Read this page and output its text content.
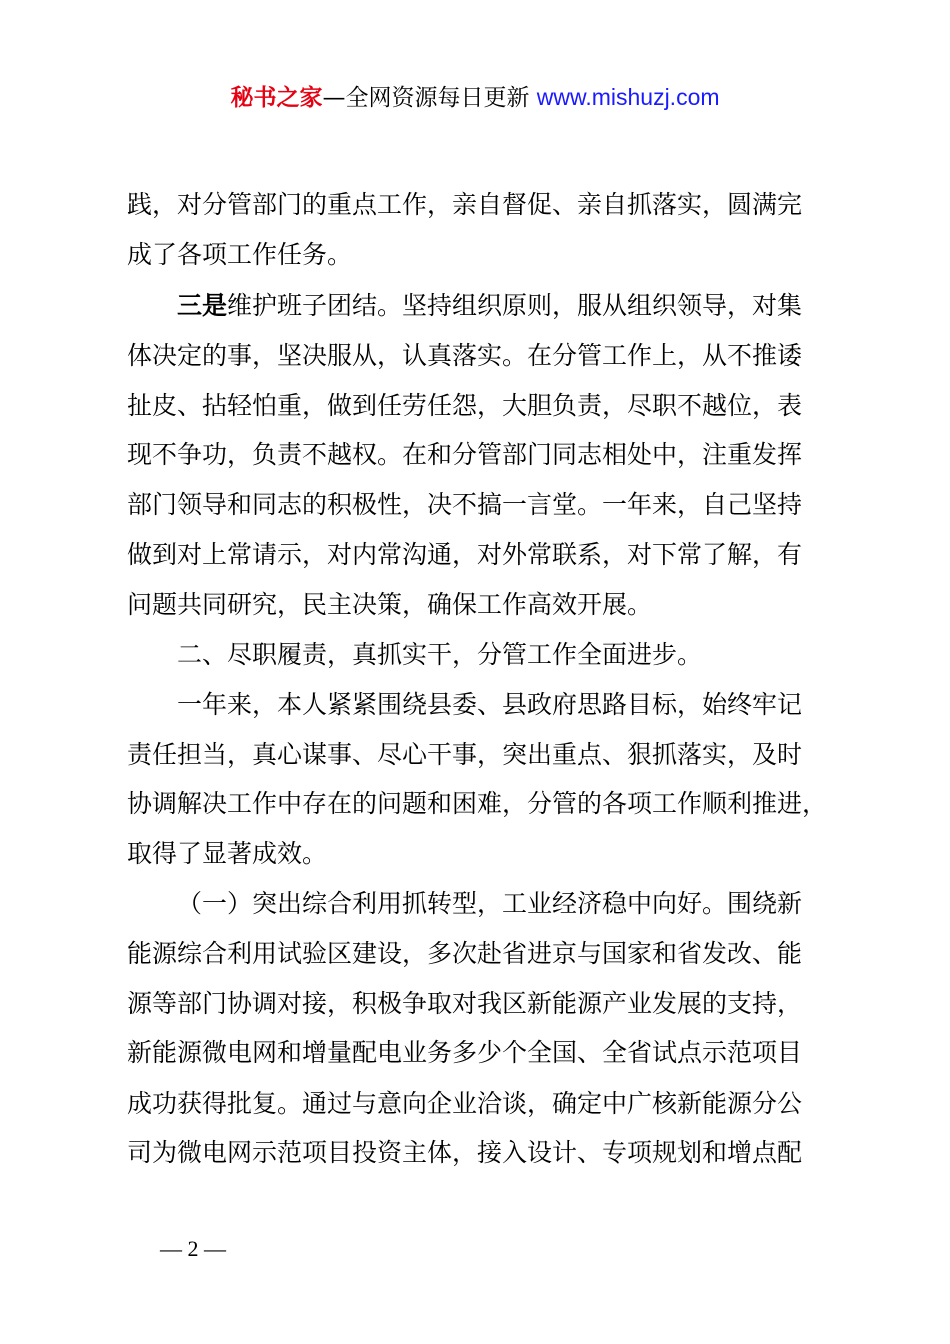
秘书之家—全网资源每日更新 www.mishuzj.com
践，对分管部门的重点工作，亲自督促、亲自抓落实，圆满完
成了各项工作任务。
三是维护班子团结。坚持组织原则，服从组织领导，对集
体决定的事，坚决服从，认真落实。在分管工作上，从不推诿
扯皮、拈轻怕重，做到任劳任怨，大胆负责，尽职不越位，表
现不争功，负责不越权。在和分管部门同志相处中，注重发挥
部门领导和同志的积极性，决不搞一言堂。一年来，自己坚持
做到对上常请示，对内常沟通，对外常联系，对下常了解，有
问题共同研究，民主决策，确保工作高效开展。
二、尽职履责，真抓实干，分管工作全面进步。
一年来，本人紧紧围绕县委、县政府思路目标，始终牢记
责任担当，真心谋事、尽心干事，突出重点、狠抓落实，及时
协调解决工作中存在的问题和困难，分管的各项工作顺利推进，
取得了显著成效。
（一）突出综合利用抓转型，工业经济稳中向好。围绕新
能源综合利用试验区建设，多次赴省进京与国家和省发改、能
源等部门协调对接，积极争取对我区新能源产业发展的支持，
新能源微电网和增量配电业务多少个全国、全省试点示范项目
成功获得批复。通过与意向企业洽谈，确定中广核新能源分公
司为微电网示范项目投资主体，接入设计、专项规划和增点配
— 2 —
